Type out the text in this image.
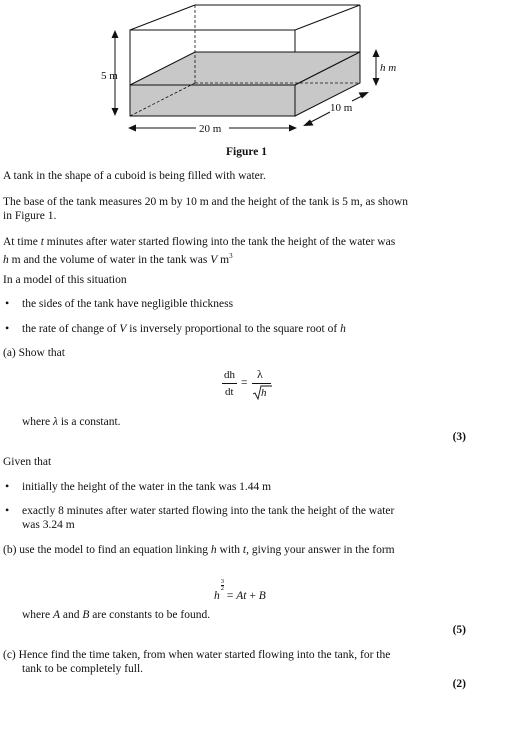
5 m
20 m
10 m
h m
Figure 1
A tank in the shape of a cuboid is being filled with water.
The base of the tank measures 20 m by 10 m and the height of the tank is 5 m, as shown
in Figure 1.
At time t minutes after water started flowing into the tank the height of the water was
h m and the volume of water in the tank was V $m^3$
In a model of this situation
• the sides of the tank have negligible thickness
• the rate of change of V is inversely proportional to the square root of h
(a) Show that
dh
dt
=
λ
h
where λ is a constant.
(3)
Given that
• initially the height of the water in the tank was 1.44 m
• exactly 8 minutes after water started flowing into the tank the height of the water
was 3.24 m
(b) use the model to find an equation linking h with t, giving your answer in the form
h
$\frac{3}{2}$
= At + B
where A and B are constants to be found.
(5)
(c) Hence find the time taken, from when water started flowing into the tank, for the
tank to be completely full.
(2)
